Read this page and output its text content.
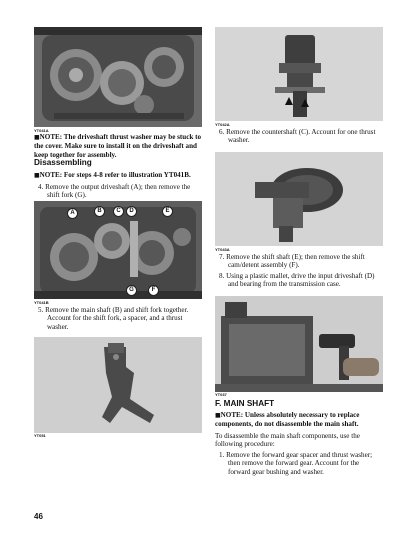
YT041A
■NOTE: The driveshaft thrust washer may be stuck to the cover. Make sure to install it on the driveshaft and keep together for assembly.
Disassembling
■NOTE: For steps 4-8 refer to illustration YT041B.
4. Remove the output driveshaft (A); then remove the shift fork (G).
A	B	C	D	E
G	F
YT041B
5. Remove the main shaft (B) and shift fork together. Account for the shift fork, a spacer, and a thrust washer.
YT051
46
YT042A
6. Remove the countershaft (C). Account for one thrust washer.
YT043A
7. Remove the shift shaft (E); then remove the shift cam/detent assembly (F).
8. Using a plastic mallet, drive the input driveshaft (D) and bearing from the transmission case.
YT037
F. MAIN SHAFT
■NOTE: Unless absolutely necessary to replace components, do not disassemble the main shaft.
To disassemble the main shaft components, use the following procedure:
1. Remove the forward gear spacer and thrust washer; then remove the forward gear. Account for the forward gear bushing and washer.
